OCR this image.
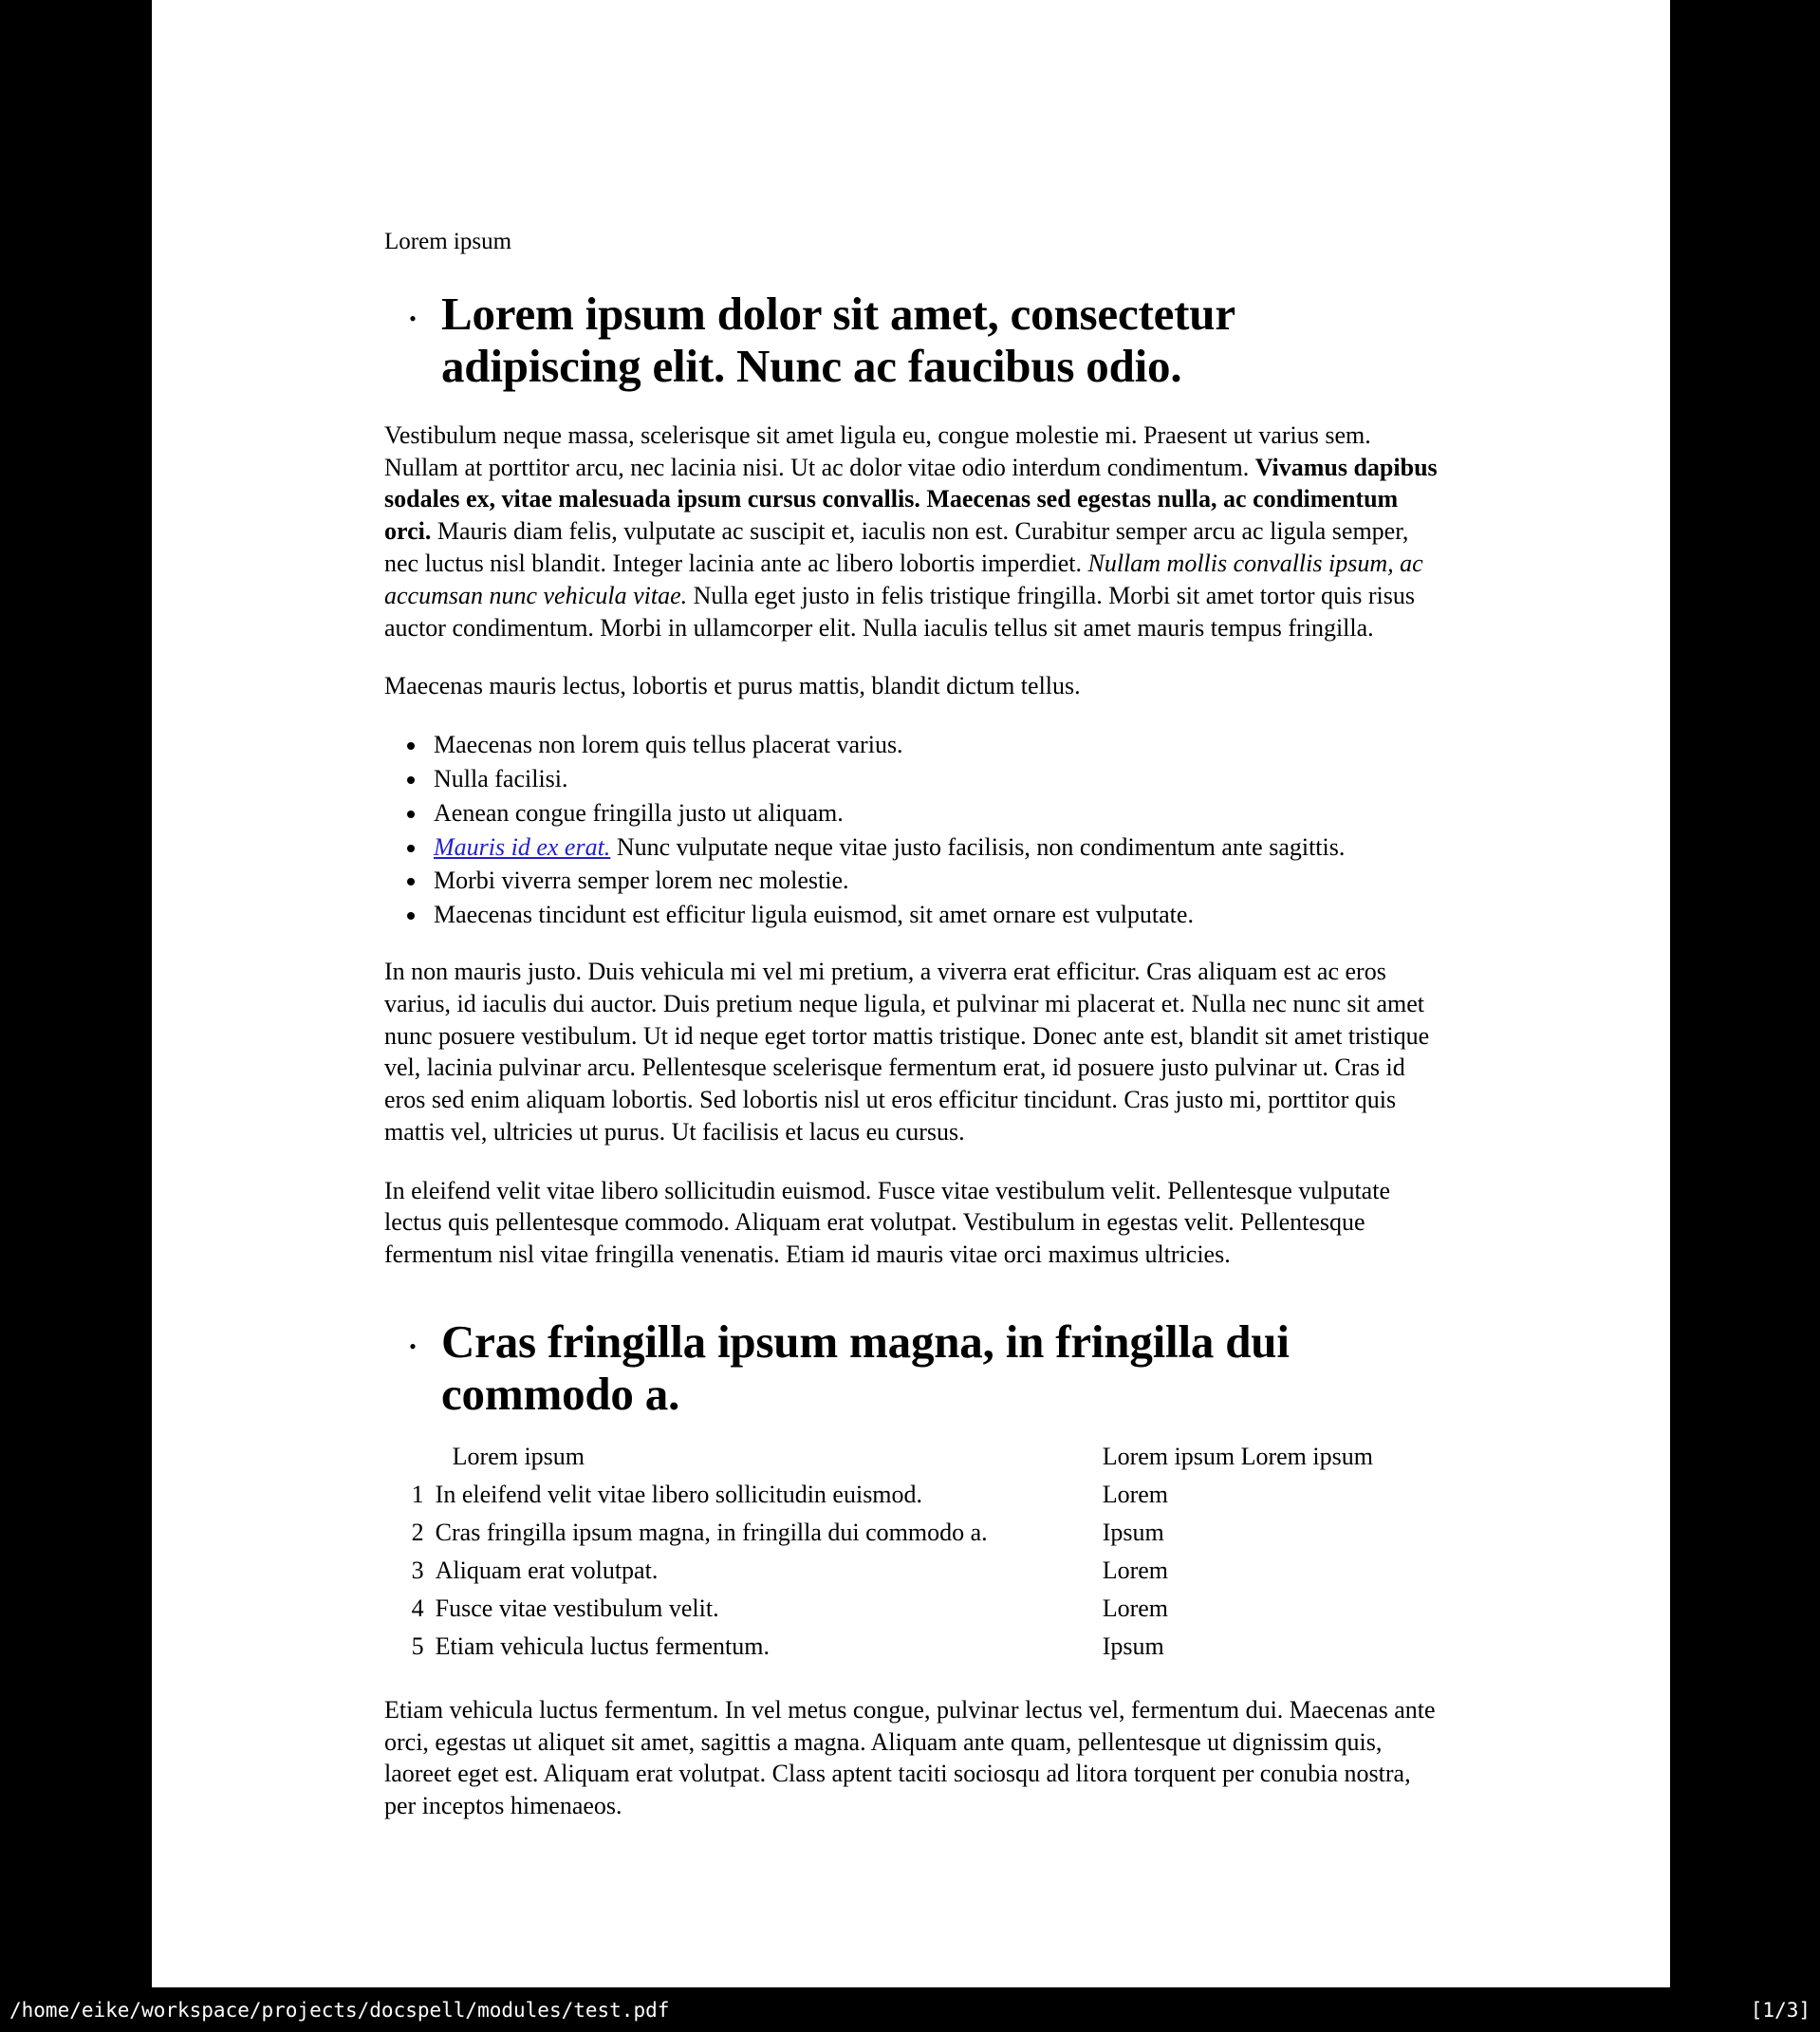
Lorem ipsum
• Lorem ipsum dolor sit amet, consectetur adipiscing elit. Nunc ac faucibus odio.

Vestibulum neque massa, scelerisque sit amet ligula eu, congue molestie mi. Praesent ut varius sem. Nullam at porttitor arcu, nec lacinia nisi. Ut ac dolor vitae odio interdum condimentum. Vivamus dapibus sodales ex, vitae malesuada ipsum cursus convallis. Maecenas sed egestas nulla, ac condimentum orci. Mauris diam felis, vulputate ac suscipit et, iaculis non est. Curabitur semper arcu ac ligula semper, nec luctus nisl blandit. Integer lacinia ante ac libero lobortis imperdiet. Nullam mollis convallis ipsum, ac accumsan nunc vehicula vitae. Nulla eget justo in felis tristique fringilla. Morbi sit amet tortor quis risus auctor condimentum. Morbi in ullamcorper elit. Nulla iaculis tellus sit amet mauris tempus fringilla.

Maecenas mauris lectus, lobortis et purus mattis, blandit dictum tellus.

• Maecenas non lorem quis tellus placerat varius.
• Nulla facilisi.
• Aenean congue fringilla justo ut aliquam.
• Mauris id ex erat. Nunc vulputate neque vitae justo facilisis, non condimentum ante sagittis.
• Morbi viverra semper lorem nec molestie.
• Maecenas tincidunt est efficitur ligula euismod, sit amet ornare est vulputate.

In non mauris justo. Duis vehicula mi vel mi pretium, a viverra erat efficitur. Cras aliquam est ac eros varius, id iaculis dui auctor. Duis pretium neque ligula, et pulvinar mi placerat et. Nulla nec nunc sit amet nunc posuere vestibulum. Ut id neque eget tortor mattis tristique. Donec ante est, blandit sit amet tristique vel, lacinia pulvinar arcu. Pellentesque scelerisque fermentum erat, id posuere justo pulvinar ut. Cras id eros sed enim aliquam lobortis. Sed lobortis nisl ut eros efficitur tincidunt. Cras justo mi, porttitor quis mattis vel, ultricies ut purus. Ut facilisis et lacus eu cursus.

In eleifend velit vitae libero sollicitudin euismod. Fusce vitae vestibulum velit. Pellentesque vulputate lectus quis pellentesque commodo. Aliquam erat volutpat. Vestibulum in egestas velit. Pellentesque fermentum nisl vitae fringilla venenatis. Etiam id mauris vitae orci maximus ultricies.

• Cras fringilla ipsum magna, in fringilla dui commodo a.
	Lorem ipsum	Lorem ipsum Lorem ipsum
1	In eleifend velit vitae libero sollicitudin euismod.	Lorem
2	Cras fringilla ipsum magna, in fringilla dui commodo a.	Ipsum
3	Aliquam erat volutpat.	Lorem
4	Fusce vitae vestibulum velit.	Lorem
5	Etiam vehicula luctus fermentum.	Ipsum

Etiam vehicula luctus fermentum. In vel metus congue, pulvinar lectus vel, fermentum dui. Maecenas ante orci, egestas ut aliquet sit amet, sagittis a magna. Aliquam ante quam, pellentesque ut dignissim quis, laoreet eget est. Aliquam erat volutpat. Class aptent taciti sociosqu ad litora torquent per conubia nostra, per inceptos himenaeos.

/home/eike/workspace/projects/docspell/modules/test.pdf	[1/3]
